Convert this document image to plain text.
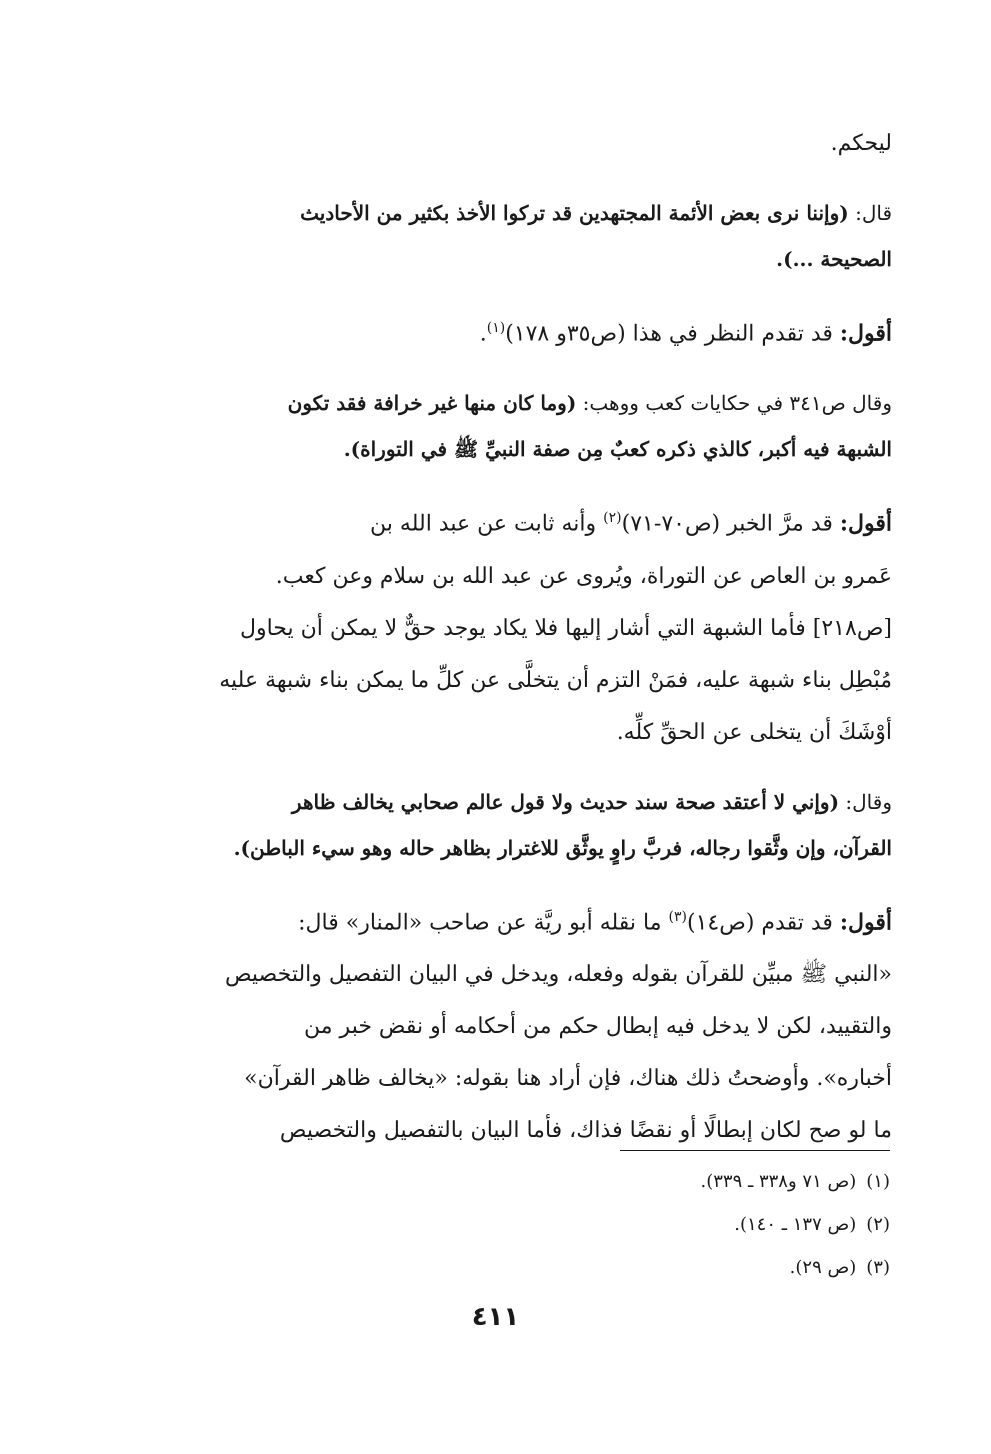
ليحكم.
قال: (وإننا نرى بعض الأئمة المجتهدين قد تركوا الأخذ بكثير من الأحاديث
الصحيحة ...).
أقول: قد تقدم النظر في هذا (ص٣٥و ١٧٨)$^{(١)}$.
وقال ص٣٤١ في حكايات كعب ووهب: (وما كان منها غير خرافة فقد تكون
الشبهة فيه أكبر، كالذي ذكره كعبٌ مِن صفة النبيِّ ﷺ في التوراة).
أقول: قد مرَّ الخبر (ص٧٠-٧١)$^{(٢)}$ وأنه ثابت عن عبد الله بن
عَمرو بن العاص عن التوراة، ويُروى عن عبد الله بن سلام وعن كعب.
[ص٢١٨] فأما الشبهة التي أشار إليها فلا يكاد يوجد حقٌّ لا يمكن أن يحاول
مُبْطِل بناء شبهة عليه، فمَنْ التزم أن يتخلَّى عن كلِّ ما يمكن بناء شبهة عليه
أوْشَكَ أن يتخلى عن الحقِّ كلِّه.
وقال: (وإني لا أعتقد صحة سند حديث ولا قول عالم صحابي يخالف ظاهر
القرآن، وإن وثَّقوا رجاله، فربَّ راوٍ يوثَّق للاغترار بظاهر حاله وهو سيء الباطن).
أقول: قد تقدم (ص١٤)$^{(٣)}$ ما نقله أبو ريَّة عن صاحب «المنار» قال:
«النبي ﷺ مبيِّن للقرآن بقوله وفعله، ويدخل في البيان التفصيل والتخصيص
والتقييد، لكن لا يدخل فيه إبطال حكم من أحكامه أو نقض خبر من
أخباره». وأوضحتُ ذلك هناك، فإن أراد هنا بقوله: «يخالف ظاهر القرآن»
ما لو صح لكان إبطالًا أو نقضًا فذاك، فأما البيان بالتفصيل والتخصيص
(١)(ص ٧١ و٣٣٨ ـ ٣٣٩).
(٢)(ص ١٣٧ ـ ١٤٠).
(٣)(ص ٢٩).
٤١١
